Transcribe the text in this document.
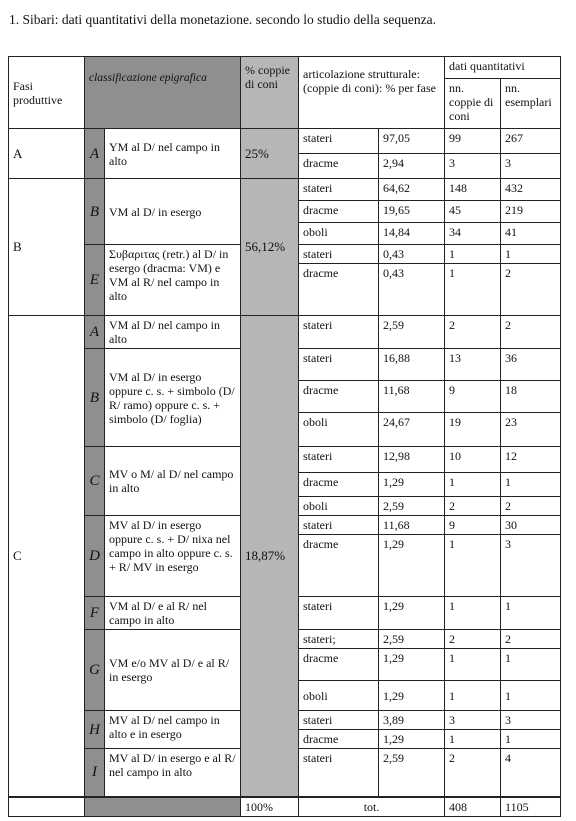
1. Sibari: dati quantitativi della monetazione. secondo lo studio della sequenza.
Fasi produttive	classificazione epigrafica		% coppie di coni	articolazione strutturale:(coppie di coni): % per fase		dati quantitativi	
						nn. coppie di coni	nn. esemplari
A	A	YM al D/ nel campo in alto	25%	stateri	97,05	99	267
				dracme	2,94	3	3
B	B	VM al D/ in esergo	56,12%	stateri	64,62	148	432
				dracme	19,65	45	219
				oboli	14,84	34	41
	E	Συβαριτας (retr.) al D/ in esergo (dracma: VM) e VM al R/ nel campo in alto		stateri	0,43	1	1
				dracme	0,43	1	2
C	A	VM al D/ nel campo in alto	18,87%	stateri	2,59	2	2
	B	VM al D/ in esergo oppure c. s. + simbolo (D/ R/ ramo) oppure c. s. + simbolo (D/ foglia)		stateri	16,88	13	36
				dracme	11,68	9	18
				oboli	24,67	19	23
	C	MV o M/ al D/ nel campo in alto		stateri	12,98	10	12
				dracme	1,29	1	1
				oboli	2,59	2	2
	D	MV al D/ in esergo oppure c. s. + D/ nixa nel campo in alto oppure c. s. + R/ MV in esergo		stateri	11,68	9	30
				dracme	1,29	1	3
	F	VM al D/ e al R/ nel campo in alto		stateri	1,29	1	1
	G	VM e/o MV al D/ e al R/ in esergo		stateri;	2,59	2	2
				dracme	1,29	1	1
				oboli	1,29	1	1
	H	MV al D/ nel campo in alto e in esergo		stateri	3,89	3	3
				dracme	1,29	1	1
	I	MV al D/ in esergo e al R/ nel campo in alto		stateri	2,59	2	4
			100%	tot.		408	1105
